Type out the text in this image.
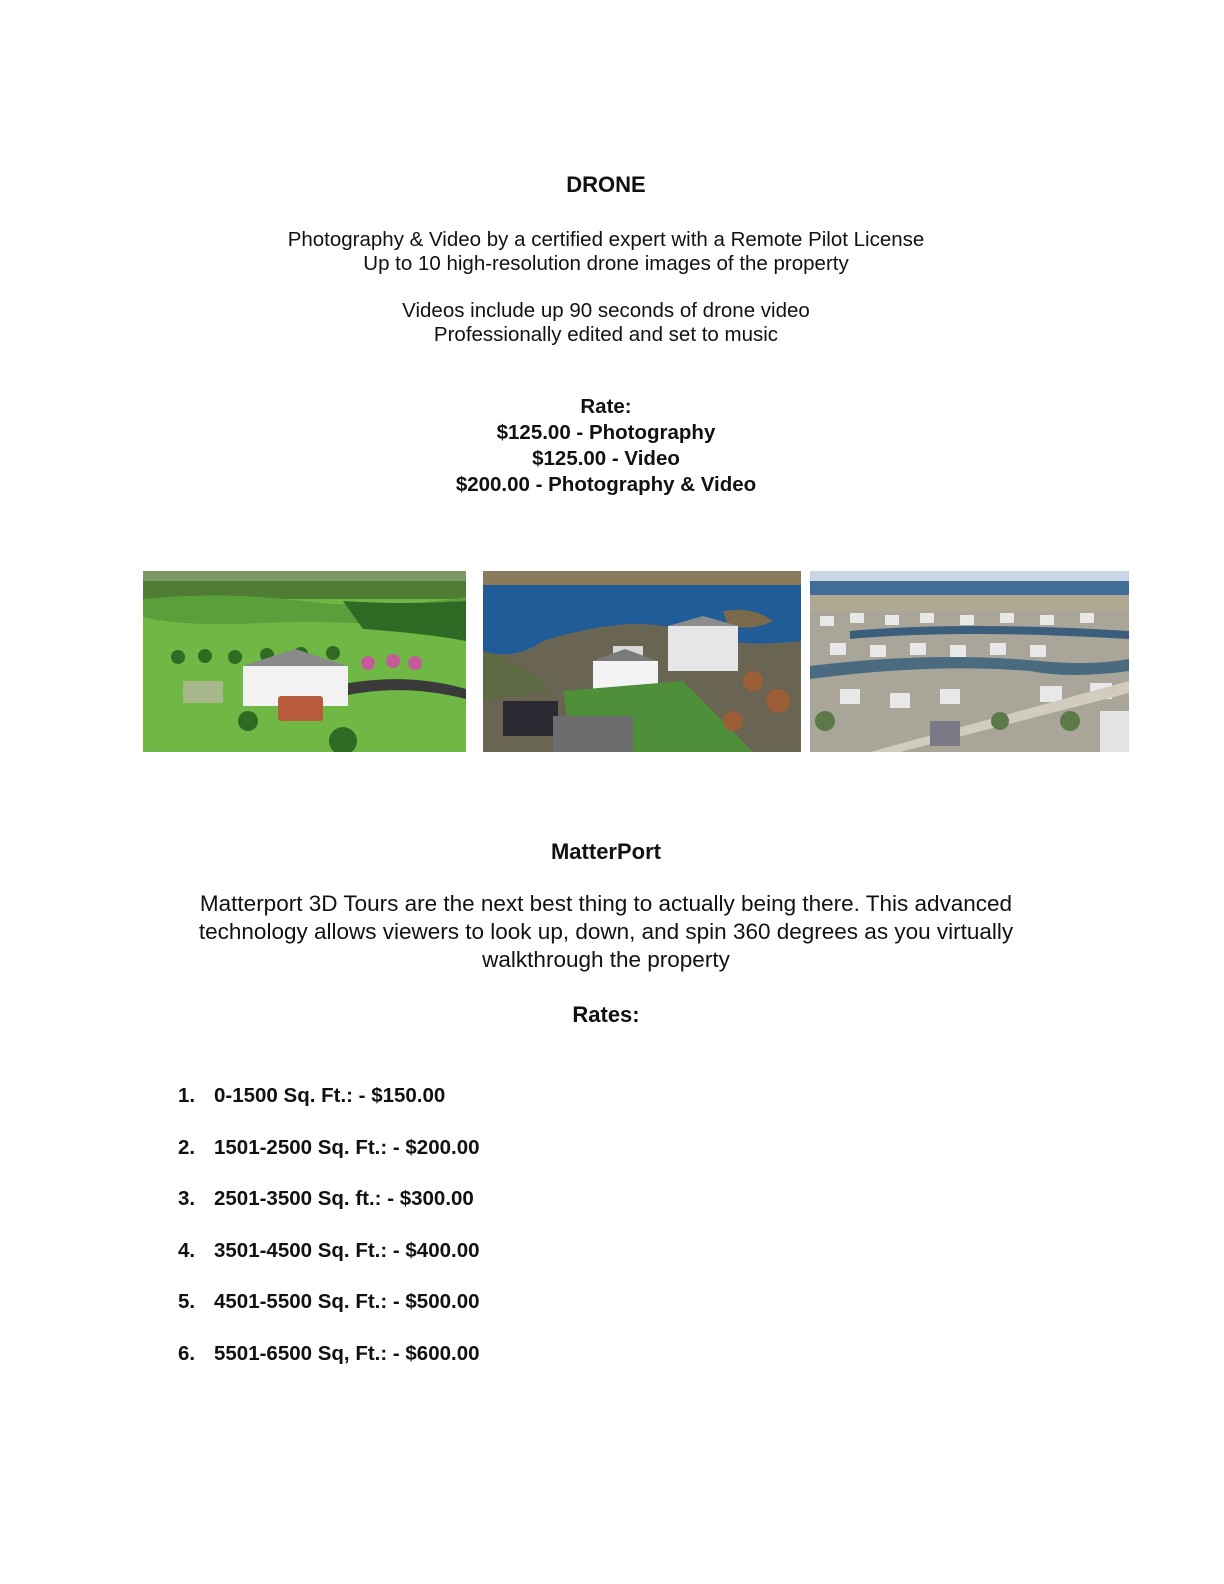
DRONE
Photography & Video by a certified expert with a Remote Pilot License
Up to 10 high-resolution drone images of the property
Videos include up 90 seconds of drone video
Professionally edited and set to music
Rate:
$125.00 - Photography
$125.00 - Video
$200.00 - Photography & Video
MatterPort
Matterport 3D Tours are the next best thing to actually being there. This advanced
technology allows viewers to look up, down, and spin 360 degrees as you virtually
walkthrough the property
Rates:
1. 0-1500 Sq. Ft.: - $150.00
2. 1501-2500 Sq. Ft.: - $200.00
3. 2501-3500 Sq. ft.: - $300.00
4. 3501-4500 Sq. Ft.: - $400.00
5. 4501-5500 Sq. Ft.: - $500.00
6. 5501-6500 Sq, Ft.: - $600.00
